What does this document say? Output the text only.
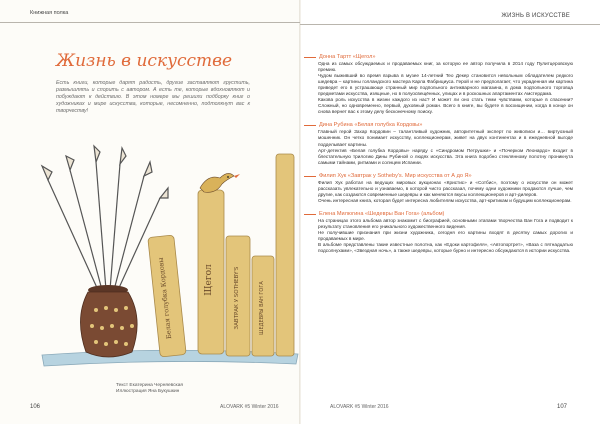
Книжная полка	ЖИЗНЬ В ИСКУССТВЕ
Жизнь в искусстве
Есть книги, которые дарят радость, другие заставляют грустить, размышлять и спорить с автором. А есть те, которые вдохновляют и побуждают к действию. В этом номере мы решили подборку книг о художниках и мире искусства, которые, несомненно, подтолкнут вас к творчеству!
Щегол
Белая голубка Кордовы	ЗАВТРАК У SOTHEBY'S	ШЕДЕВРЫ ВАН ГОГА
Текст Екатерина Черняевская
Иллюстрация Яна Букушкин
106	ALOVARK #5 Winter 2016	ALOVARK #5 Winter 2016	107
Донна Тартт «Щегол»

Одна из самых обсуждаемых и продаваемых книг, за которую ее автор получила в 2014 году Пулитцеровскую премию.

Чудом выживший во время взрыва в музее 14-летний Тео Декер становится невольным обладателем редкого шедевра – картины голландского мастера Карла Фабрициуса. Герой и не предполагает, что украденная им картина приведет его в устрашающе странный мир подпольного антикварного магазина, в дома подпольного торговца предметами искусства, изящные, но в полуосвещённых, улицах и в роскошных апартаментах Амстердама.

Какова роль искусства в жизни каждого из нас? И может ли оно стать теми чувствами, которые в спасении? Сложный, но одновременно, первый, духовный роман. Всего в книге, вы будете в восхищении, когда в конце он снова вернет вас к этому делу бесконечному поиску.

Дина Рубина «Белая голубка Кордовы»

Главный герой Захар Кордовин – талантливый художник, авторитетный эксперт по живописи и… виртуозный мошенник. Он четко понимает искусству, коллекционерам, живет на двух континентах и в ежедневной выгоде подделывает картины.

Арт-детектив «Белая голубка Кордовы» наряду с «Синдромом Петрушки» и «Почерком Леонардо» входит в блестательную трилогию Дины Рубиной о людях искусства. Эта книга подобно стеклянному полотну проникнута самыми тайнами, ритмами и солнцем Испании.

Филип Хук «Завтрак у Sotheby's. Мир искусства от А до Я»

Филип Хук работал на ведущих мировых аукционах «Кристис» и «Сотбис», поэтому о искусстве он может рассказать увлекательно и узнаваемо, в которой чисто рассказал, почему одни художники продаются лучше, чем другие, как создаются современные шедевры и как меняются вкусы коллекционеров и арт-дилеров.

Очень интересная книга, которая будет интересна любителям искусства, арт-критикам и будущим коллекционерам.

Елена Милюгина «Шедевры Ван Гога» (альбом)

На страницах этого альбома автор знакомит с биографией, основными этапами творчества Ван Гога и подводит к результату становления его уникального художественного видения.

Не получившие признания при жизни художника, сегодня его картины входят в десятку самых дорогих и продаваемых в мире.

В альбоме представлены такие известные полотна, как «Едоки картофеля», «Автопортрет», «Ваза с пятнадцатью подсолнухами», «Звездная ночь», а также шедевры, которые бурно и интересно обсуждаются в истории искусства.
